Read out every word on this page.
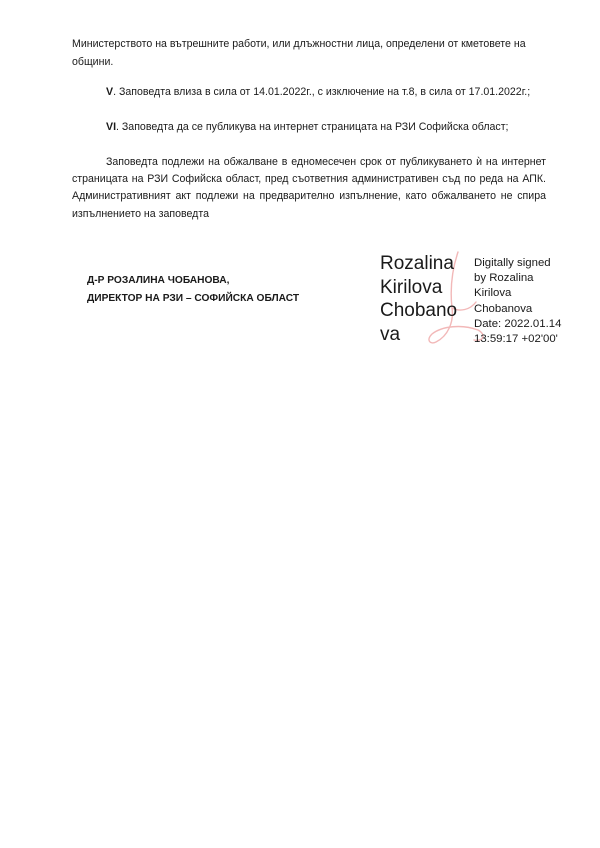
Министерството на вътрешните работи, или длъжностни лица, определени от кметовете на общини.

V. Заповедта влиза в сила от 14.01.2022г., с изключение на т.8, в сила от 17.01.2022г.;

VI. Заповедта да се публикува на интернет страницата на РЗИ Софийска област;

Заповедта подлежи на обжалване в едномесечен срок от публикуването ѝ на интернет страницата на РЗИ Софийска област, пред съответния административен съд по реда на АПК. Административният акт подлежи на предварително изпълнение, като обжалването не спира изпълнението на заповедта

Д-Р РОЗАЛИНА ЧОБАНОВА,
ДИРЕКТОР НА РЗИ – СОФИЙСКА ОБЛАСТ
Rozalina
Kirilova
Chobano
va
Digitally signed
by Rozalina
Kirilova
Chobanova
Date: 2022.01.14
13:59:17 +02'00'
